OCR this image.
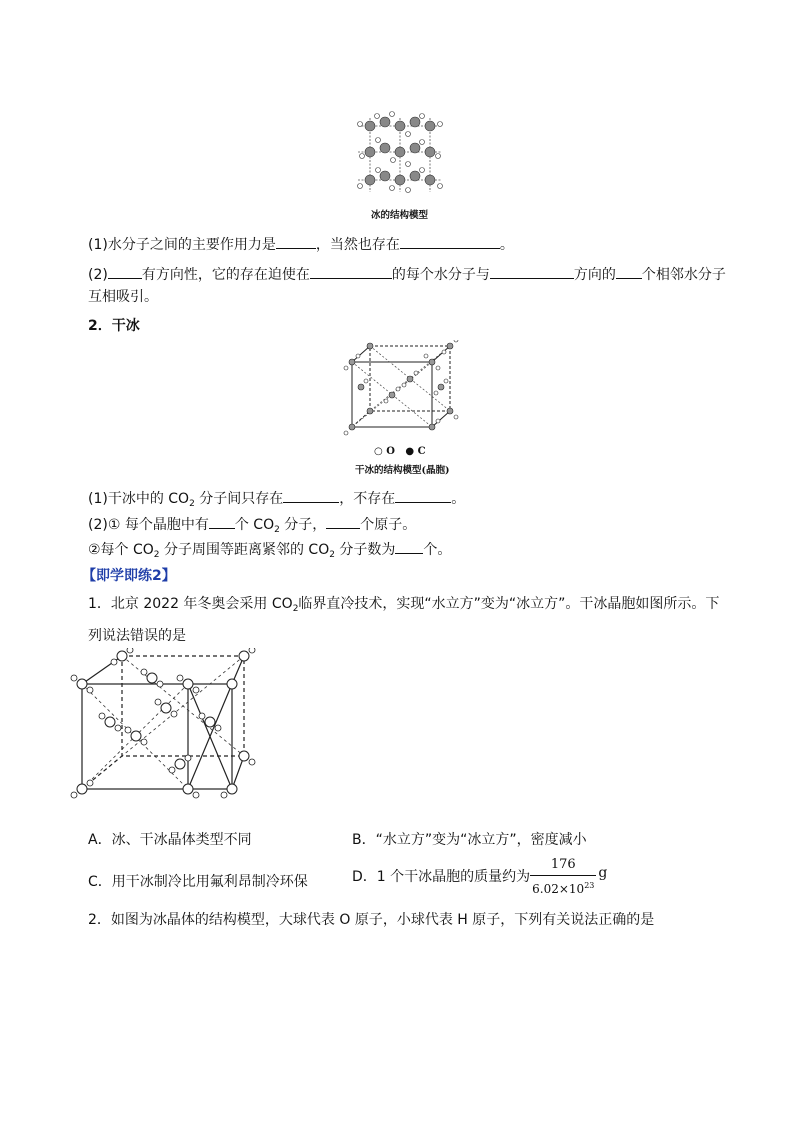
冰的结构模型
(1)水分子之间的主要作用力是	，当然也存在	。
(2) 有方向性，它的存在迫使在	的每个水分子与	方向的 个相邻水分子
互相吸引。
2．干冰
○ O ● C
干冰的结构模型(晶胞)
(1)干冰中的 $CO_2$ 分子间只存在	，不存在	。
(2)① 每个晶胞中有 个 $CO_2$ 分子， 个原子。
②每个 $CO_2$ 分子周围等距离紧邻的 $CO_2$ 分子数为 个。
【即学即练2】
1．北京 2022 年冬奥会采用 $CO_2$临界直冷技术，实现“水立方”变为“冰立方”。干冰晶胞如图所示。下
列说法错误的是
A．冰、干冰晶体类型不同	B．“水立方”变为“冰立方”，密度减小
C．用干冰制冷比用氟利昂制冷环保	D．1 个干冰晶胞的质量约为 $\frac{176}{6.02\times 10^{23}}$ g
2．如图为冰晶体的结构模型，大球代表 O 原子，小球代表 H 原子，下列有关说法正确的是
